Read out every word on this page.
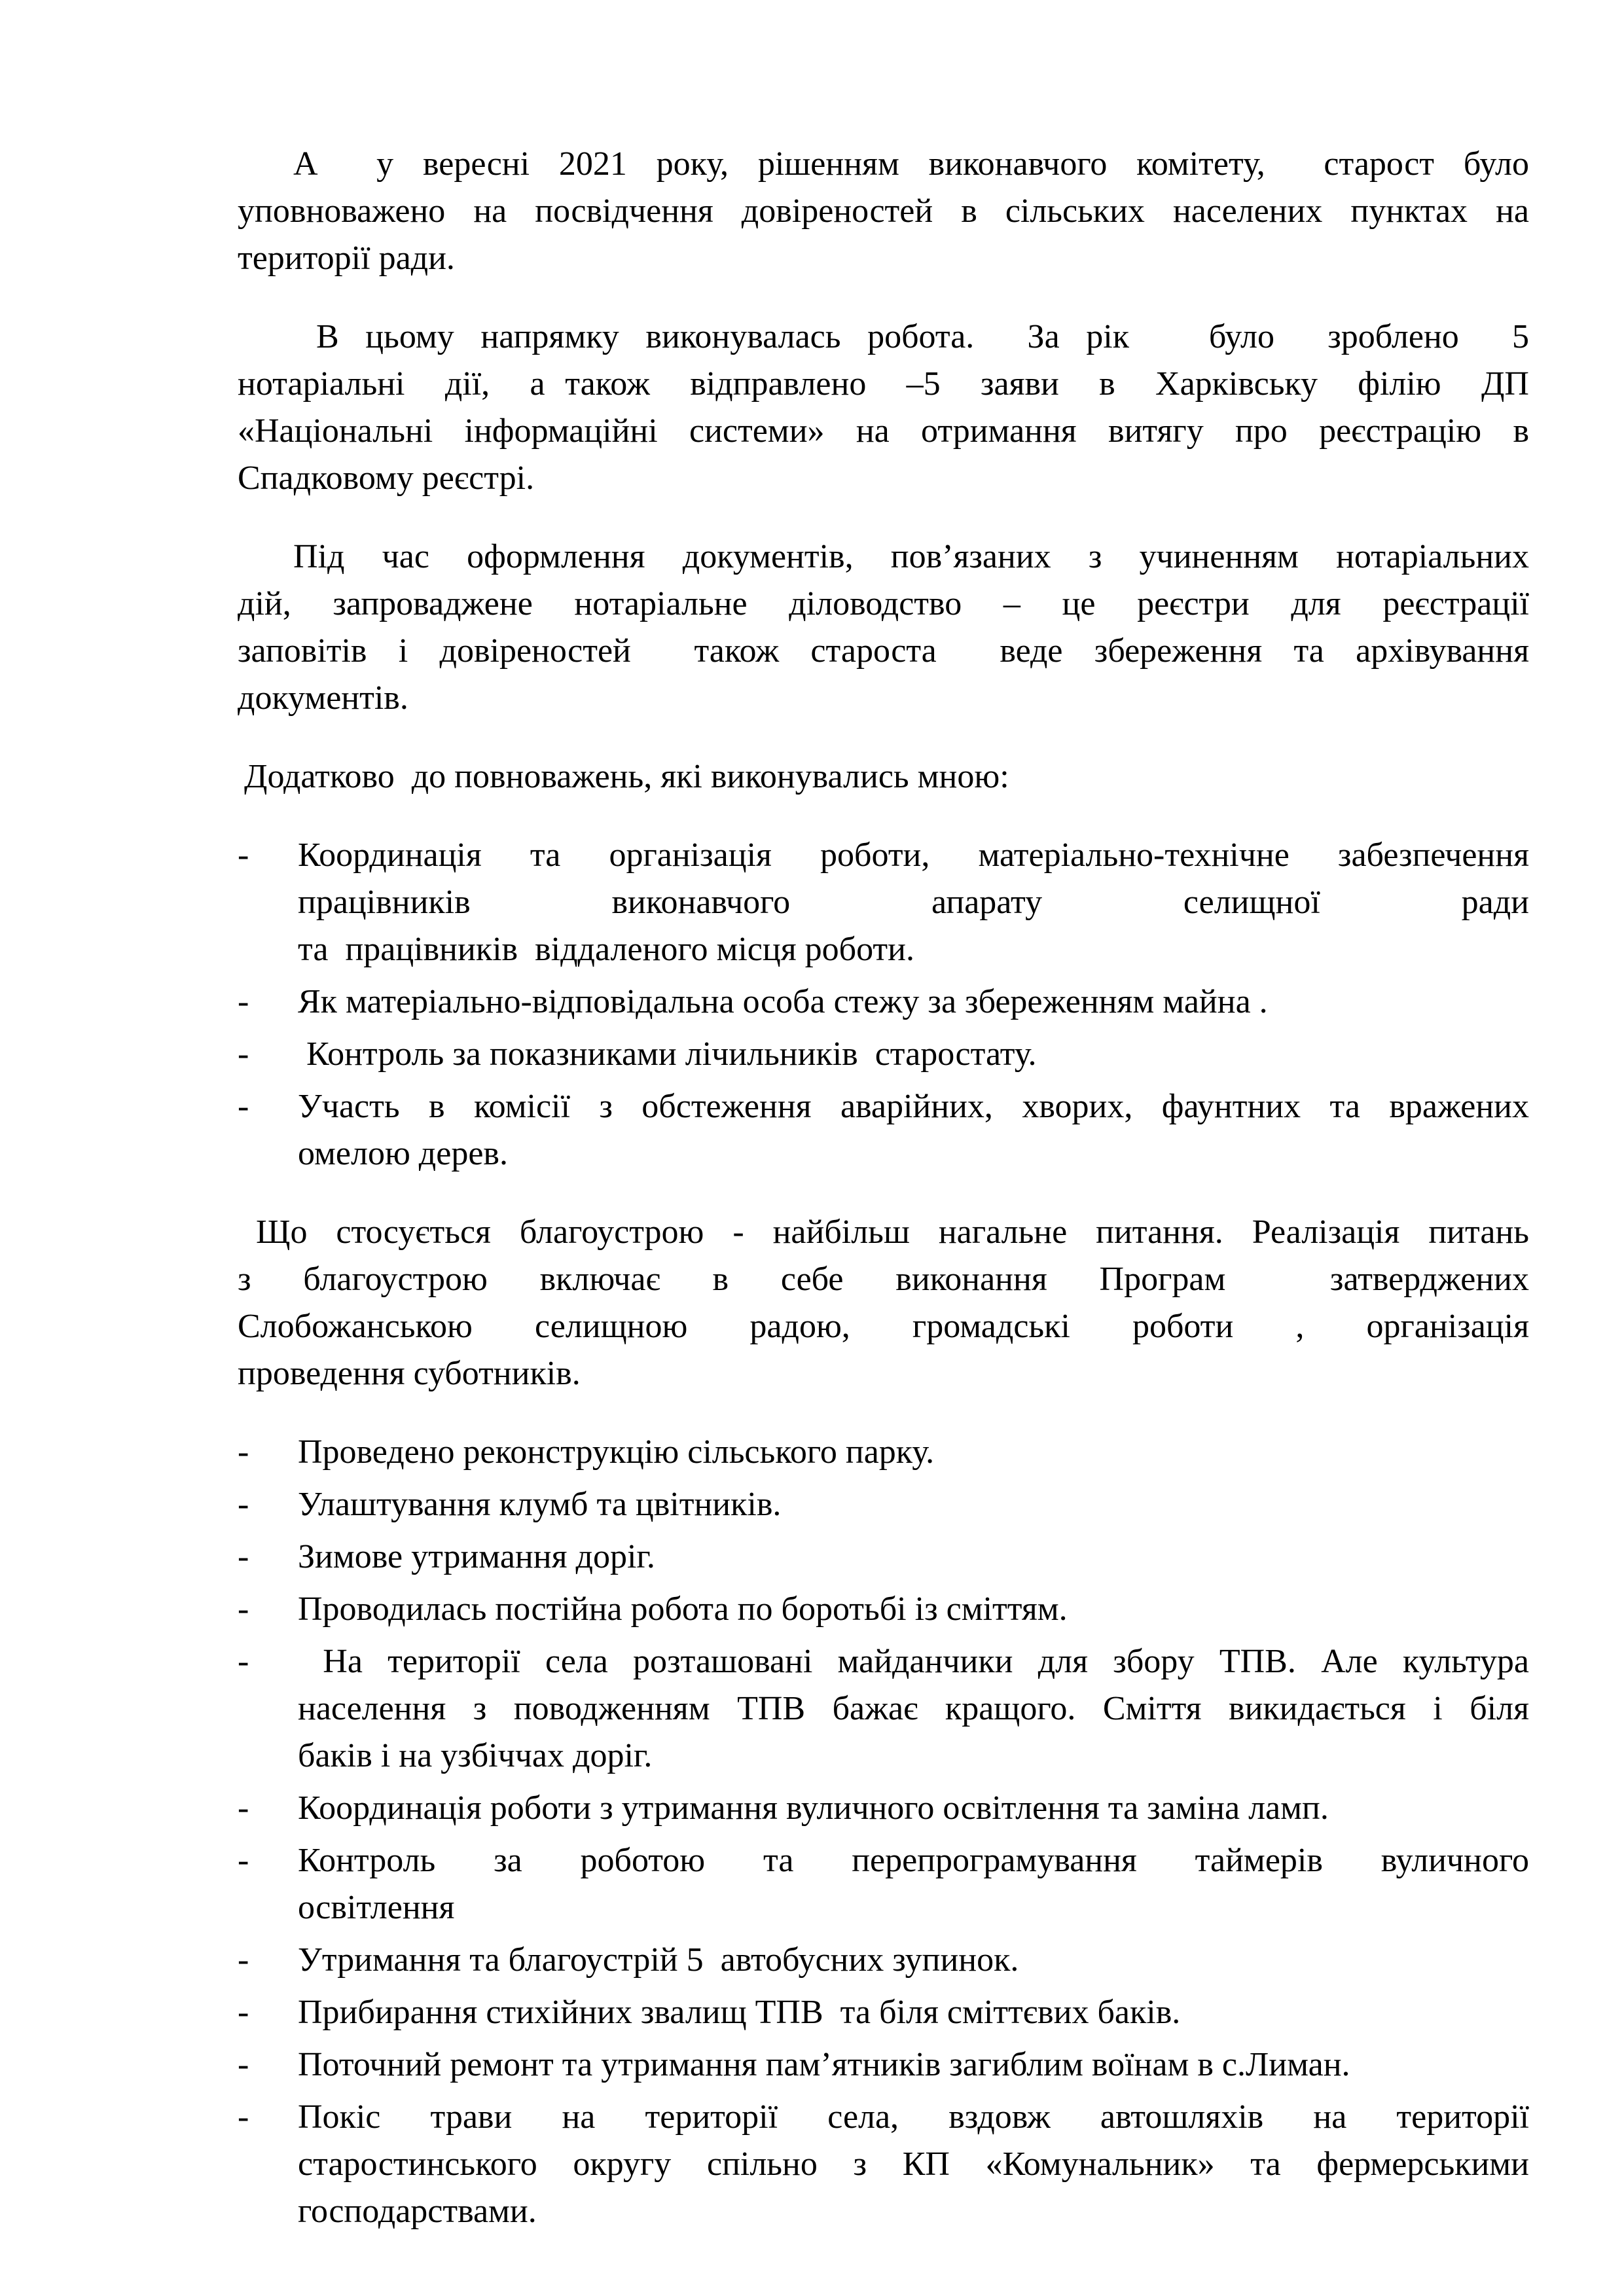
А  у вересні 2021 року, рішенням виконавчого комітету,  старост було
уповноважено на посвідчення довіреностей в сільських населених пунктах на
території ради.
В цьому напрямку виконувалась робота.  За рік   було  зроблено  5
нотаріальні  дії,  а також  відправлено  –5  заяви  в  Харківську  філію  ДП
«Національні інформаційні системи» на отримання витягу про реєстрацію в
Спадковому реєстрі.
Під час оформлення документів, пов’язаних з учиненням нотаріальних
дій, запроваджене нотаріальне діловодство – це реєстри для реєстрації
заповітів і довіреностей  також староста  веде збереження та архівування
документів.
Додатково  до повноважень, які виконувались мною:
- Координація та організація роботи, матеріально-технічне забезпечення
працівників виконавчого апарату селищної ради
та  працівників  віддаленого місця роботи.
- Як матеріально-відповідальна особа стежу за збереженням майна .
- Контроль за показниками лічильників  старостату.
- Участь в комісії з обстеження аварійних, хворих, фаунтних та вражених
омелою дерев.
Що стосується благоустрою - найбільш нагальне питання. Реалізація питань
з благоустрою включає в себе виконання Програм  затверджених
Слобожанською селищною радою, громадські роботи , організація
проведення суботників.
- Проведено реконструкцію сільського парку.
- Улаштування клумб та цвітників.
- Зимове утримання доріг.
- Проводилась постійна робота по боротьбі із сміттям.
- На території села розташовані майданчики для збору ТПВ. Але культура
населення з поводженням ТПВ бажає кращого. Сміття викидається і біля
баків і на узбіччах доріг.
- Координація роботи з утримання вуличного освітлення та заміна ламп.
- Контроль за роботою та перепрограмування таймерів вуличного
освітлення
- Утримання та благоустрій 5  автобусних зупинок.
- Прибирання стихійних звалищ ТПВ  та біля сміттєвих баків.
- Поточний ремонт та утримання пам’ятників загиблим воїнам в с.Лиман.
- Покіс трави на території села, вздовж автошляхів на території
старостинського округу спільно з КП «Комунальник» та фермерськими
господарствами.
